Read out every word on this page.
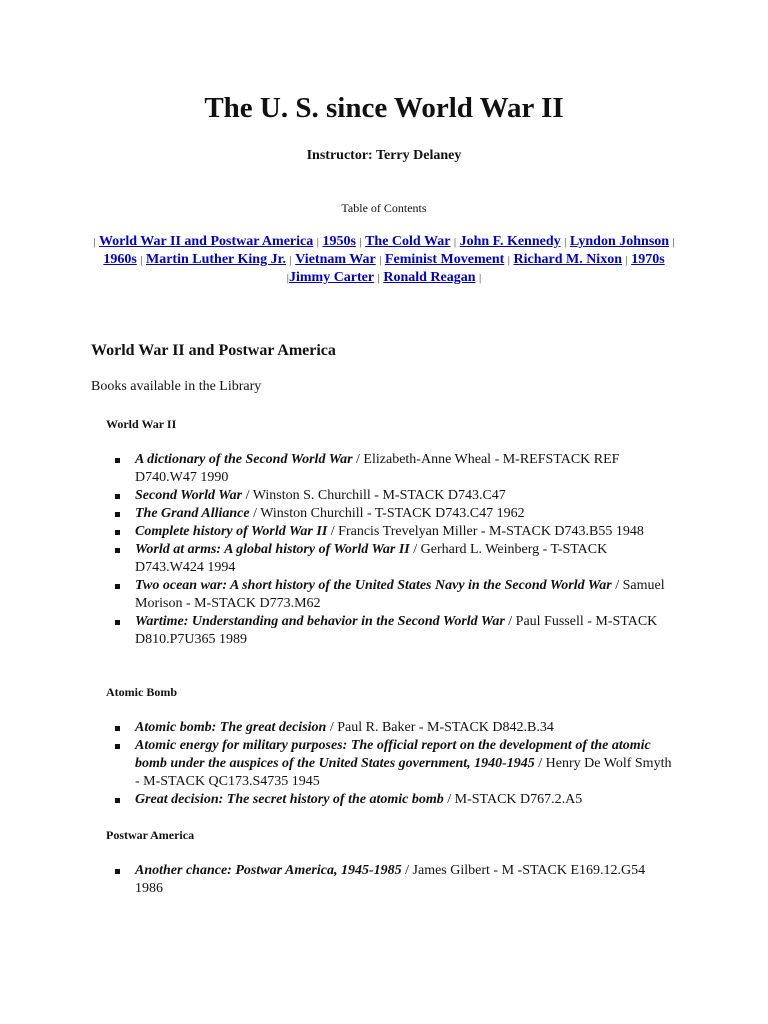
The U. S. since World War II
Instructor: Terry Delaney
Table of Contents
| World War II and Postwar America | 1950s | The Cold War | John F. Kennedy | Lyndon Johnson | 1960s | Martin Luther King Jr. | Vietnam War | Feminist Movement | Richard M. Nixon | 1970s |Jimmy Carter | Ronald Reagan |
World War II and Postwar America
Books available in the Library
World War II
A dictionary of the Second World War / Elizabeth-Anne Wheal - M-REFSTACK REF D740.W47 1990
Second World War / Winston S. Churchill - M-STACK D743.C47
The Grand Alliance / Winston Churchill - T-STACK D743.C47 1962
Complete history of World War II / Francis Trevelyan Miller - M-STACK D743.B55 1948
World at arms: A global history of World War II / Gerhard L. Weinberg - T-STACK D743.W424 1994
Two ocean war: A short history of the United States Navy in the Second World War / Samuel Morison - M-STACK D773.M62
Wartime: Understanding and behavior in the Second World War / Paul Fussell - M-STACK D810.P7U365 1989
Atomic Bomb
Atomic bomb: The great decision / Paul R. Baker - M-STACK D842.B.34
Atomic energy for military purposes: The official report on the development of the atomic bomb under the auspices of the United States government, 1940-1945 / Henry De Wolf Smyth - M-STACK QC173.S4735 1945
Great decision: The secret history of the atomic bomb / M-STACK D767.2.A5
Postwar America
Another chance: Postwar America, 1945-1985 / James Gilbert - M -STACK E169.12.G54 1986
